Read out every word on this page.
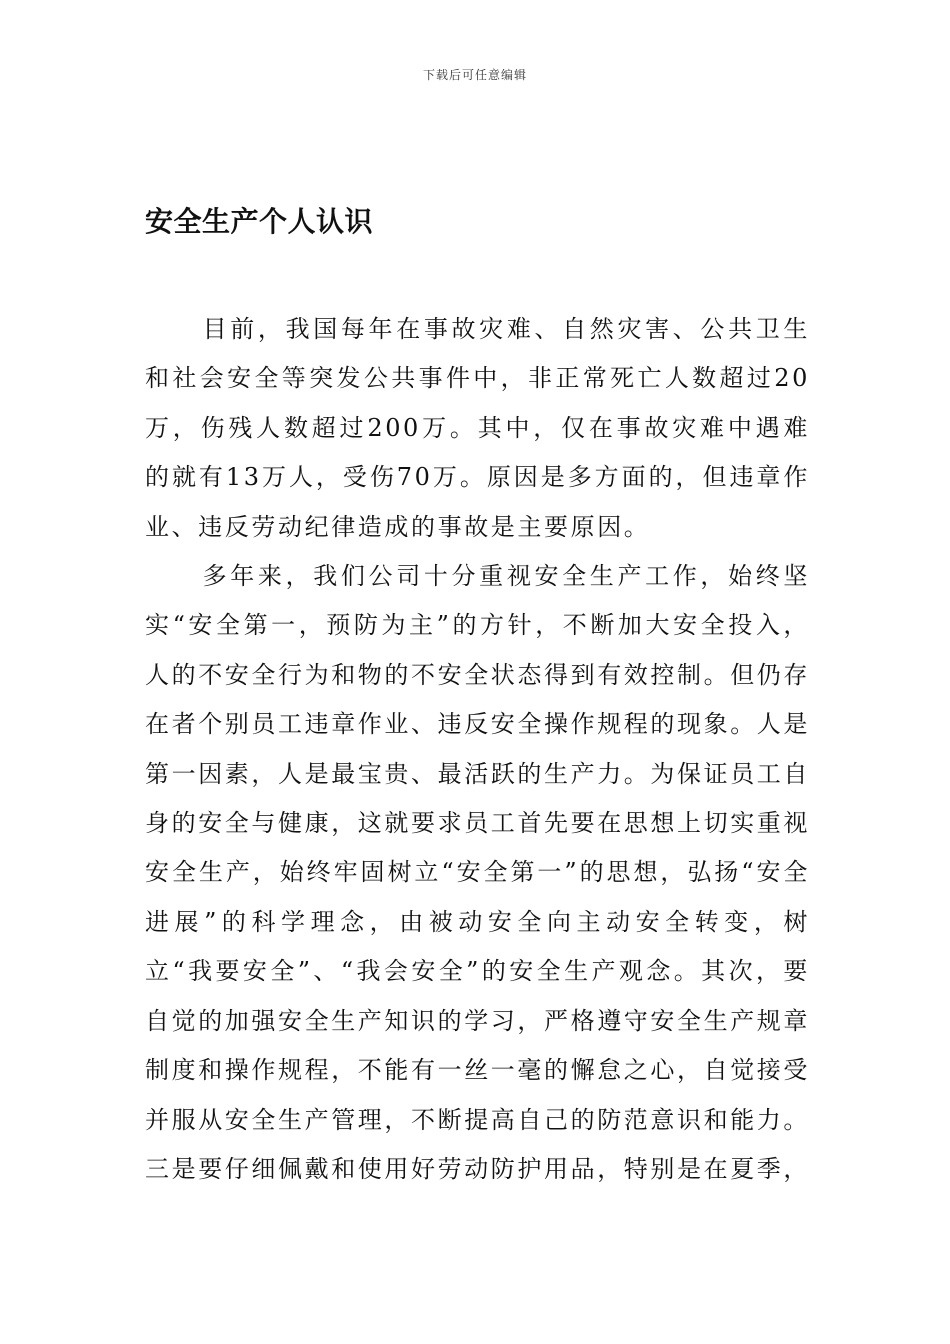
下载后可任意编辑
安全生产个人认识

目前，我国每年在事故灾难、自然灾害、公共卫生和社会安全等突发公共事件中，非正常死亡人数超过20万，伤残人数超过200万。其中，仅在事故灾难中遇难的就有13万人，受伤70万。原因是多方面的，但违章作业、违反劳动纪律造成的事故是主要原因。

多年来，我们公司十分重视安全生产工作，始终坚实“安全第一，预防为主”的方针，不断加大安全投入，人的不安全行为和物的不安全状态得到有效控制。但仍存在者个别员工违章作业、违反安全操作规程的现象。人是第一因素，人是最宝贵、最活跃的生产力。为保证员工自身的安全与健康，这就要求员工首先要在思想上切实重视安全生产，始终牢固树立“安全第一”的思想，弘扬“安全进展”的科学理念，由被动安全向主动安全转变，树立“我要安全”、“我会安全”的安全生产观念。其次，要自觉的加强安全生产知识的学习，严格遵守安全生产规章制度和操作规程，不能有一丝一毫的懈怠之心，自觉接受并服从安全生产管理，不断提高自己的防范意识和能力。三是要仔细佩戴和使用好劳动防护用品，特别是在夏季，
